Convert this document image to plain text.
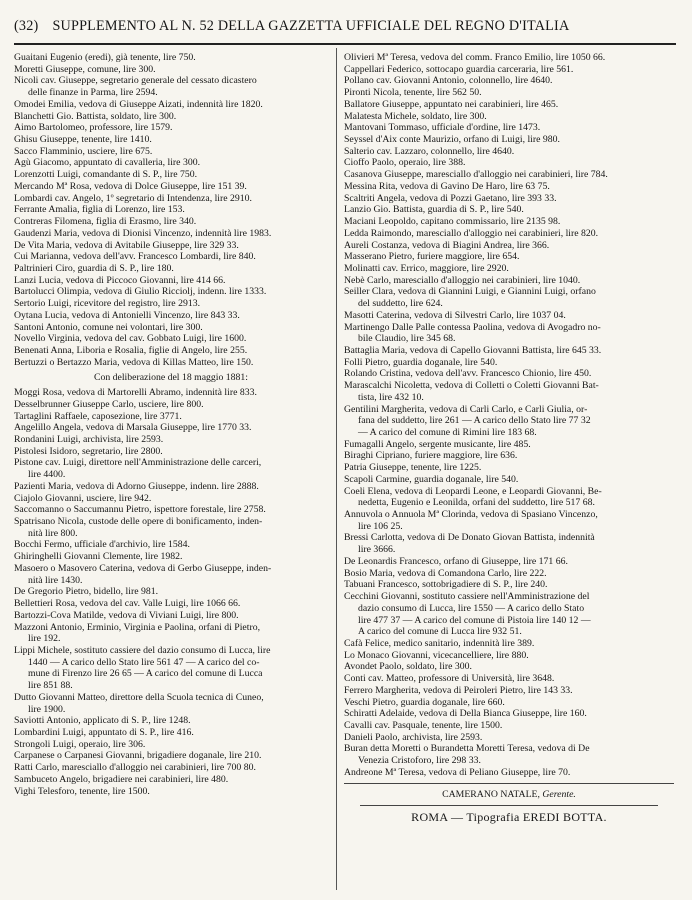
(32) SUPPLEMENTO AL N. 52 DELLA GAZZETTA UFFICIALE DEL REGNO D'ITALIA
Guaitani Eugenio (eredi), già tenente, lire 750.
Moretti Giuseppe, comune, lire 300.
Nicoli cav. Giuseppe, segretario generale del cessato dicastero
delle finanze in Parma, lire 2594.
Omodei Emilia, vedova di Giuseppe Aizati, indennità lire 1820.
Blanchetti Gio. Battista, soldato, lire 300.
Aimo Bartolomeo, professore, lire 1579.
Ghisu Giuseppe, tenente, lire 1410.
Sacco Flamminio, usciere, lire 675.
Agù Giacomo, appuntato di cavalleria, lire 300.
Lorenzotti Luigi, comandante di S. P., lire 750.
Mercando Mª Rosa, vedova di Dolce Giuseppe, lire 151 39.
Lombardi cav. Angelo, 1º segretario di Intendenza, lire 2910.
Ferrante Amalia, figlia di Lorenzo, lire 153.
Contreras Filomena, figlia di Erasmo, lire 340.
Gaudenzi Maria, vedova di Dionisi Vincenzo, indennità lire 1983.
De Vita Maria, vedova di Avitabile Giuseppe, lire 329 33.
Cui Marianna, vedova dell'avv. Francesco Lombardi, lire 840.
Paltrinieri Ciro, guardia di S. P., lire 180.
Lanzi Lucia, vedova di Piccoco Giovanni, lire 414 66.
Bartolucci Olimpia, vedova di Giulio Ricciolj, indenn. lire 1333.
Sertorio Luigi, ricevitore del registro, lire 2913.
Oytana Lucia, vedova di Antonielli Vincenzo, lire 843 33.
Santoni Antonio, comune nei volontari, lire 300.
Novello Virginia, vedova del cav. Gobbato Luigi, lire 1600.
Benenati Anna, Liboria e Rosalia, figlie di Angelo, lire 255.
Bertuzzi o Bertazzo Maria, vedova di Killas Matteo, lire 150.
Con deliberazione del 18 maggio 1881:
Moggi Rosa, vedova di Martorelli Abramo, indennità lire 833.
Desselbrunner Giuseppe Carlo, usciere, lire 800.
Tartaglini Raffaele, caposezione, lire 3771.
Angelillo Angela, vedova di Marsala Giuseppe, lire 1770 33.
Rondanini Luigi, archivista, lire 2593.
Pistolesi Isidoro, segretario, lire 2800.
Pistone cav. Luigi, direttore nell'Amministrazione delle carceri,
lire 4400.
Pazienti Maria, vedova di Adorno Giuseppe, indenn. lire 2888.
Ciajolo Giovanni, usciere, lire 942.
Saccomanno o Saccumannu Pietro, ispettore forestale, lire 2758.
Spatrisano Nicola, custode delle opere di bonificamento, inden-
nità lire 800.
Bocchi Fermo, ufficiale d'archivio, lire 1584.
Ghiringhelli Giovanni Clemente, lire 1982.
Masoero o Masovero Caterina, vedova di Gerbo Giuseppe, inden-
nità lire 1430.
De Gregorio Pietro, bidello, lire 981.
Bellettieri Rosa, vedova del cav. Valle Luigi, lire 1066 66.
Bartozzi-Cova Matilde, vedova di Viviani Luigi, lire 800.
Mazzoni Antonio, Erminio, Virginia e Paolina, orfani di Pietro,
lire 192.
Lippi Michele, sostituto cassiere del dazio consumo di Lucca, lire
1440 — A carico dello Stato lire 561 47 — A carico del co-
mune di Firenzo lire 26 65 — A carico del comune di Lucca
lire 851 88.
Dutto Giovanni Matteo, direttore della Scuola tecnica di Cuneo,
lire 1900.
Saviotti Antonio, applicato di S. P., lire 1248.
Lombardini Luigi, appuntato di S. P., lire 416.
Strongoli Luigi, operaio, lire 306.
Carpanese o Carpanesi Giovanni, brigadiere doganale, lire 210.
Ratti Carlo, maresciallo d'alloggio nei carabinieri, lire 700 80.
Sambuceto Angelo, brigadiere nei carabinieri, lire 480.
Vighi Telesforo, tenente, lire 1500.
Olivieri Mª Teresa, vedova del comm. Franco Emilio, lire 1050 66.
Cappellari Federico, sottocapo guardia carceraria, lire 561.
Pollano cav. Giovanni Antonio, colonnello, lire 4640.
Pironti Nicola, tenente, lire 562 50.
Ballatore Giuseppe, appuntato nei carabinieri, lire 465.
Malatesta Michele, soldato, lire 300.
Mantovani Tommaso, ufficiale d'ordine, lire 1473.
Seyssel d'Aix conte Maurizio, orfano di Luigi, lire 980.
Salterio cav. Lazzaro, colonnello, lire 4640.
Cioffo Paolo, operaio, lire 388.
Casanova Giuseppe, maresciallo d'alloggio nei carabinieri, lire 784.
Messina Rita, vedova di Gavino De Haro, lire 63 75.
Scaltriti Angela, vedova di Pozzi Gaetano, lire 393 33.
Lanzio Gio. Battista, guardia di S. P., lire 540.
Maciani Leopoldo, capitano commissario, lire 2135 98.
Ledda Raimondo, maresciallo d'alloggio nei carabinieri, lire 820.
Aureli Costanza, vedova di Biagini Andrea, lire 366.
Masserano Pietro, furiere maggiore, lire 654.
Molinatti cav. Errico, maggiore, lire 2920.
Nebè Carlo, maresciallo d'alloggio nei carabinieri, lire 1040.
Seiller Clara, vedova di Giannini Luigi, e Giannini Luigi, orfano
del suddetto, lire 624.
Masotti Caterina, vedova di Silvestri Carlo, lire 1037 04.
Martinengo Dalle Palle contessa Paolina, vedova di Avogadro no-
bile Claudio, lire 345 68.
Battaglia Maria, vedova di Capello Giovanni Battista, lire 645 33.
Folli Pietro, guardia doganale, lire 540.
Rolando Cristina, vedova dell'avv. Francesco Chionio, lire 450.
Marascalchi Nicoletta, vedova di Colletti o Coletti Giovanni Bat-
tista, lire 432 10.
Gentilini Margherita, vedova di Carli Carlo, e Carli Giulia, or-
fana del suddetto, lire 261 — A carico dello Stato lire 77 32
— A carico del comune di Rimini lire 183 68.
Fumagalli Angelo, sergente musicante, lire 485.
Biraghi Cipriano, furiere maggiore, lire 636.
Patria Giuseppe, tenente, lire 1225.
Scapoli Carmine, guardia doganale, lire 540.
Coeli Elena, vedova di Leopardi Leone, e Leopardi Giovanni, Be-
nedetta, Eugenio e Leonilda, orfani del suddetto, lire 517 68.
Annuvola o Annuola Mª Clorinda, vedova di Spasiano Vincenzo,
lire 106 25.
Bressi Carlotta, vedova di De Donato Giovan Battista, indennità
lire 3666.
De Leonardis Francesco, orfano di Giuseppe, lire 171 66.
Bosio Maria, vedova di Comandona Carlo, lire 222.
Tabuani Francesco, sottobrigadiere di S. P., lire 240.
Cecchini Giovanni, sostituto cassiere nell'Amministrazione del
dazio consumo di Lucca, lire 1550 — A carico dello Stato
lire 477 37 — A carico del comune di Pistoia lire 140 12 —
A carico del comune di Lucca lire 932 51.
Cafà Felice, medico sanitario, indennità lire 389.
Lo Monaco Giovanni, vicecancelliere, lire 880.
Avondet Paolo, soldato, lire 300.
Conti cav. Matteo, professore di Università, lire 3648.
Ferrero Margherita, vedova di Peiroleri Pietro, lire 143 33.
Veschi Pietro, guardia doganale, lire 660.
Schiratti Adelaide, vedova di Della Bianca Giuseppe, lire 160.
Cavalli cav. Pasquale, tenente, lire 1500.
Danieli Paolo, archivista, lire 2593.
Buran detta Moretti o Burandetta Moretti Teresa, vedova di De
Venezia Cristoforo, lire 298 33.
Andreone Mª Teresa, vedova di Peliano Giuseppe, lire 70.
CAMERANO NATALE, Gerente.
ROMA — Tipografia EREDI BOTTA.
